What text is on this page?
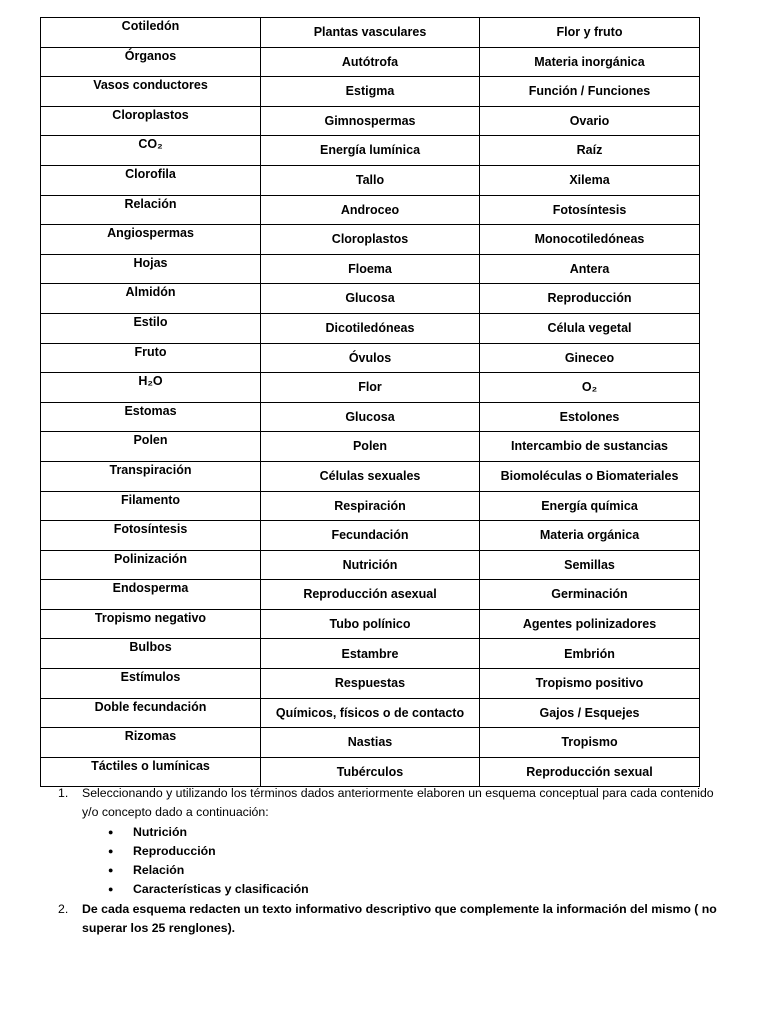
Cotiledón	Plantas vasculares	Flor y fruto
Órganos	Autótrofa	Materia inorgánica
Vasos conductores	Estigma	Función / Funciones
Cloroplastos	Gimnospermas	Ovario
CO₂	Energía lumínica	Raíz
Clorofila	Tallo	Xilema
Relación	Androceo	Fotosíntesis
Angiospermas	Cloroplastos	Monocotiledóneas
Hojas	Floema	Antera
Almidón	Glucosa	Reproducción
Estilo	Dicotiledóneas	Célula vegetal
Fruto	Óvulos	Gineceo
H₂O	Flor	O₂
Estomas	Glucosa	Estolones
Polen	Polen	Intercambio de sustancias
Transpiración	Células sexuales	Biomoléculas o Biomateriales
Filamento	Respiración	Energía química
Fotosíntesis	Fecundación	Materia orgánica
Polinización	Nutrición	Semillas
Endosperma	Reproducción asexual	Germinación
Tropismo negativo	Tubo polínico	Agentes polinizadores
Bulbos	Estambre	Embrión
Estímulos	Respuestas	Tropismo positivo
Doble fecundación	Químicos, físicos o de contacto	Gajos / Esquejes
Rizomas	Nastias	Tropismo
Táctiles o lumínicas	Tubérculos	Reproducción sexual
1. Seleccionando y utilizando los términos dados anteriormente elaboren un esquema conceptual para cada contenido y/o concepto dado a continuación:
● Nutrición
● Reproducción
● Relación
● Características y clasificación
2. De cada esquema redacten un texto informativo descriptivo que complemente la información del mismo ( no superar los 25 renglones).
